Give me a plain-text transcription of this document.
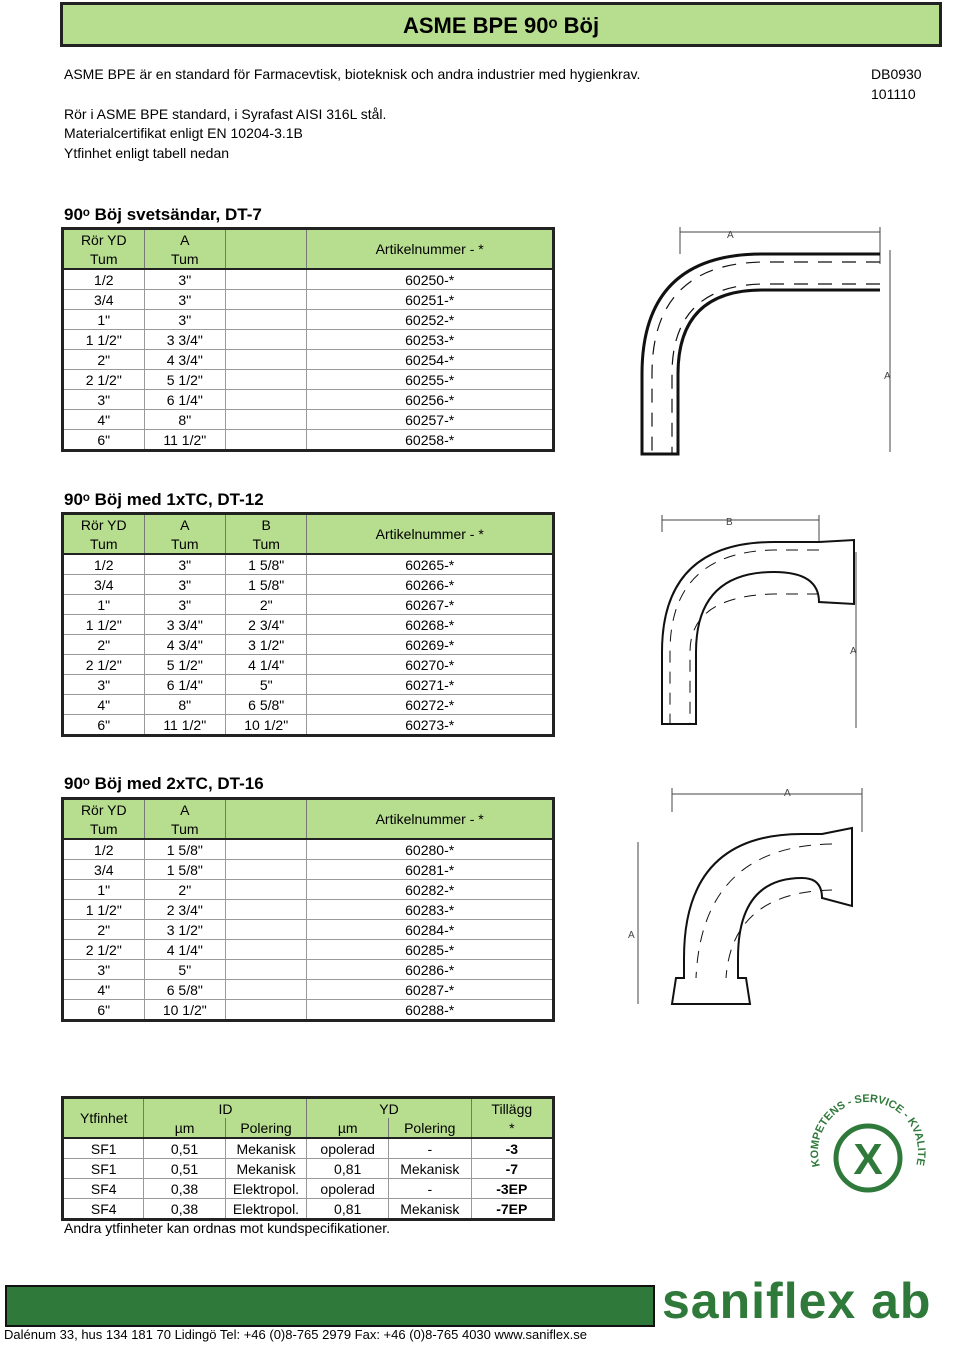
ASME BPE 90ᵒ Böj
ASME BPE är en standard för Farmacevtisk, bioteknisk och andra industrier med hygienkrav.	DB0930
101110
Rör i ASME BPE standard, i Syrafast AISI 316L stål.
Materialcertifikat enligt EN 10204-3.1B
Ytfinhet enligt tabell nedan
90ᵒ Böj svetsändar, DT-7
Rör YD	A		Artikelnummer - *
Tum	Tum		
1/2	3"		60250-*
3/4	3"		60251-*
1"	3"		60252-*
1 1/2"	3 3/4"		60253-*
2"	4 3/4"		60254-*
2 1/2"	5 1/2"		60255-*
3"	6 1/4"		60256-*
4"	8"		60257-*
6"	11 1/2"		60258-*
A
A
90ᵒ Böj med 1xTC, DT-12
Rör YD	A	B	Artikelnummer - *
Tum	Tum	Tum	
1/2	3"	1 5/8"	60265-*
3/4	3"	1 5/8"	60266-*
1"	3"	2"	60267-*
1 1/2"	3 3/4"	2 3/4"	60268-*
2"	4 3/4"	3 1/2"	60269-*
2 1/2"	5 1/2"	4 1/4"	60270-*
3"	6 1/4"	5"	60271-*
4"	8"	6 5/8"	60272-*
6"	11 1/2"	10 1/2"	60273-*
B
A
90ᵒ Böj med 2xTC, DT-16
Rör YD	A		Artikelnummer - *
Tum	Tum		
1/2	1 5/8"		60280-*
3/4	1 5/8"		60281-*
1"	2"		60282-*
1 1/2"	2 3/4"		60283-*
2"	3 1/2"		60284-*
2 1/2"	4 1/4"		60285-*
3"	5"		60286-*
4"	6 5/8"		60287-*
6"	10 1/2"		60288-*
A
A
Ytfinhet	ID		YD		Tillägg
	µm	Polering	µm	Polering	*
SF1	0,51	Mekanisk	opolerad	-	-3
SF1	0,51	Mekanisk	0,81	Mekanisk	-7
SF4	0,38	Elektropol.	opolerad	-	-3EP
SF4	0,38	Elektropol.	0,81	Mekanisk	-7EP
Andra ytfinheter kan ordnas mot kundspecifikationer.
KOMPETENS - SERVICE - KVALITE
X
saniflex ab
Dalénum 33, hus 134 181 70 Lidingö Tel: +46 (0)8-765 2979 Fax: +46 (0)8-765 4030 www.saniflex.se
